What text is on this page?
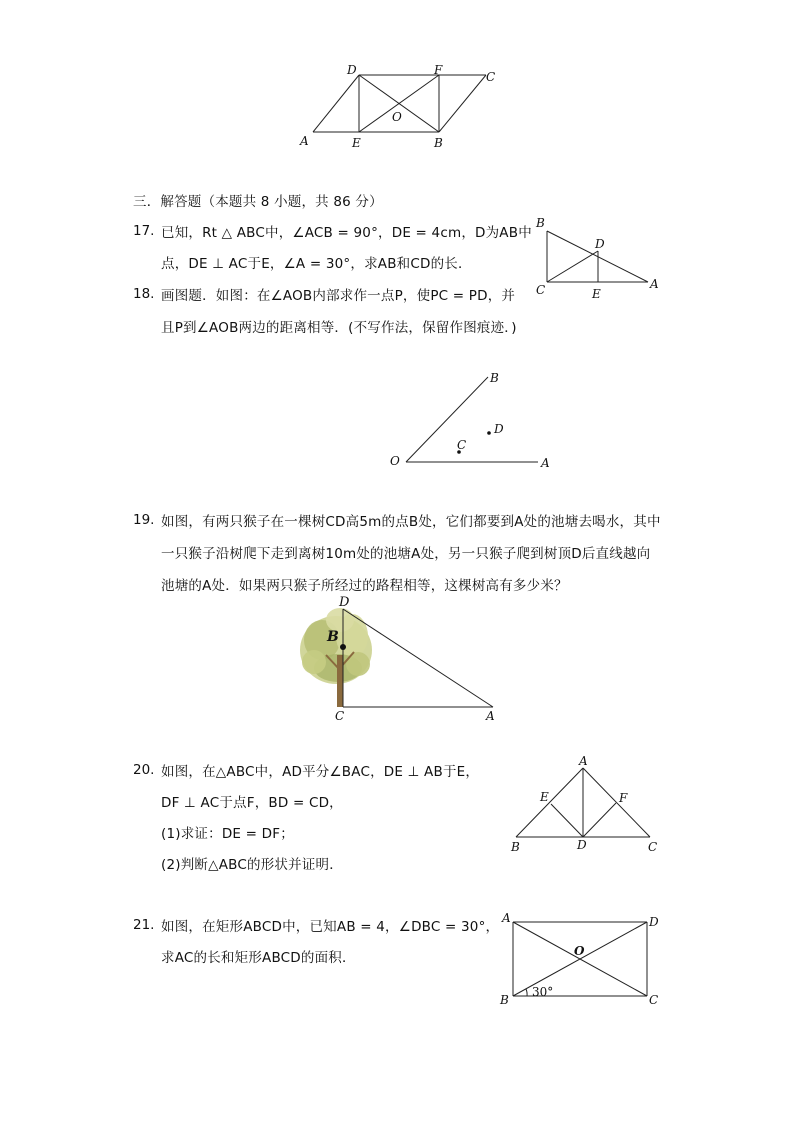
D	F	C
O
A	E	B
三．解答题（本题共 8 小题，共 86 分）
17. 已知，Rt △ ABC中，∠ACB = 90°，DE = 4cm，D为AB中
点，DE ⊥ AC于E，∠A = 30°，求AB和CD的长．
B
D
C	E
A
18. 画图题．如图：在∠AOB内部求作一点P，使PC = PD，并
且P到∠AOB两边的距离相等．(不写作法，保留作图痕迹．)
B
D
C
O	A
19. 如图，有两只猴子在一棵树CD高5m的点B处，它们都要到A处的池塘去喝水，其中
一只猴子沿树爬下走到离树10m处的池塘A处，另一只猴子爬到树顶D后直线越向
池塘的A处．如果两只猴子所经过的路程相等，这棵树高有多少米？
D
B
C	A
20. 如图，在△ABC中，AD平分∠BAC，DE ⊥ AB于E，
DF ⊥ AC于点F，BD = CD，
(1)求证：DE = DF；
(2)判断△ABC的形状并证明．
A
E	F
B	D	C
21. 如图，在矩形ABCD中，已知AB = 4，∠DBC = 30°，
求AC的长和矩形ABCD的面积．
A	D
O
B	C
30°
